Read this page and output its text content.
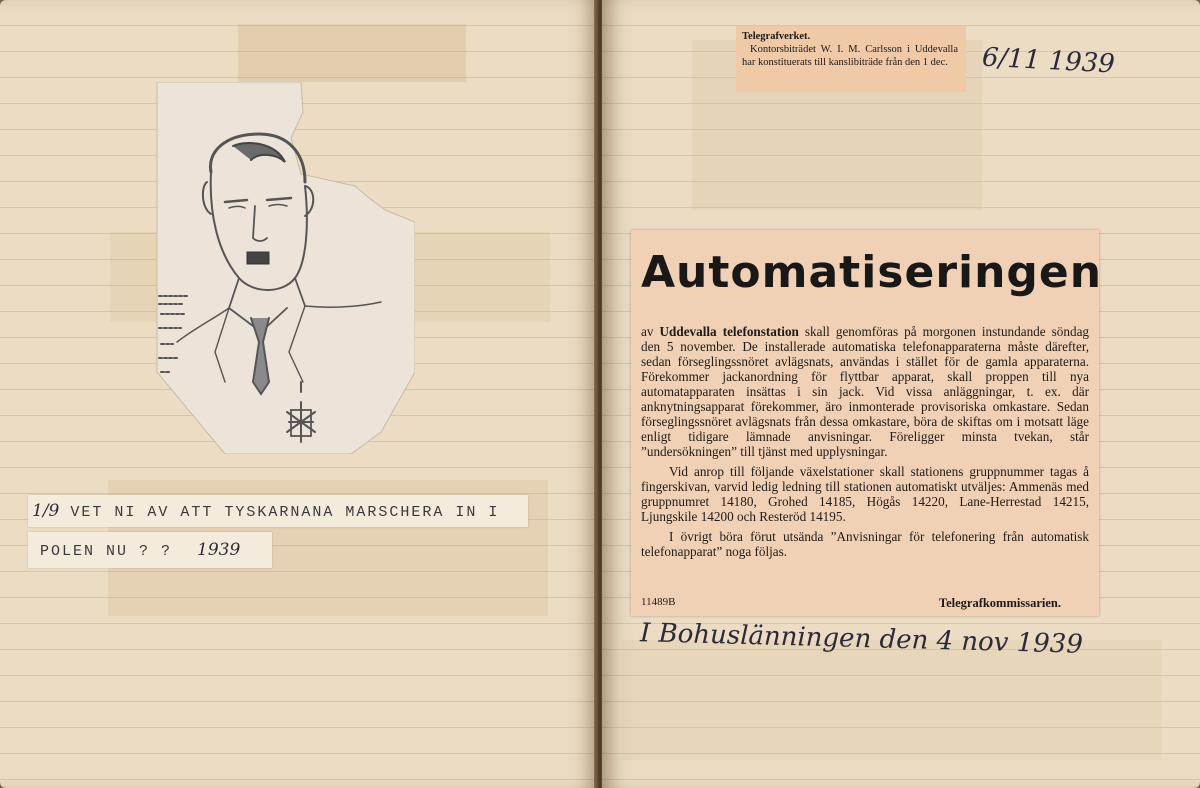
1/9 VET NI AV ATT TYSKARNANA MARSCHERA IN I
POLEN NU ? ? 1939
Telegrafverket.
Kontorsbiträdet W. I. M. Carlsson i Uddevalla har konstituerats till kanslibiträde från den 1 dec.	6/11 1939
Automatiseringen

av Uddevalla telefonstation skall genomföras på morgonen instundande söndag den 5 november. De installerade automatiska telefonapparaterna måste därefter, sedan förseglingssnöret avlägsnats, användas i stället för de gamla apparaterna. Förekommer jackanordning för flyttbar apparat, skall proppen till nya automatapparaten insättas i sin jack. Vid vissa anläggningar, t. ex. där anknytningsapparat förekommer, äro inmonterade provisoriska omkastare. Sedan förseglingssnöret avlägsnats från dessa omkastare, böra de skiftas om i motsatt läge enligt tidigare lämnade anvisningar. Föreligger minsta tvekan, står ”undersökningen” till tjänst med upplysningar.

Vid anrop till följande växelstationer skall stationens gruppnummer tagas å fingerskivan, varvid ledig ledning till stationen automatiskt utväljes: Ammenäs med gruppnumret 14180, Grohed 14185, Högås 14220, Lane-Herrestad 14215, Ljungskile 14200 och Resteröd 14195.

I övrigt böra förut utsända ”Anvisningar för telefonering från automatisk telefonapparat” noga följas.

11489B	Telegrafkommissarien.
I Bohuslänningen den 4 nov 1939
